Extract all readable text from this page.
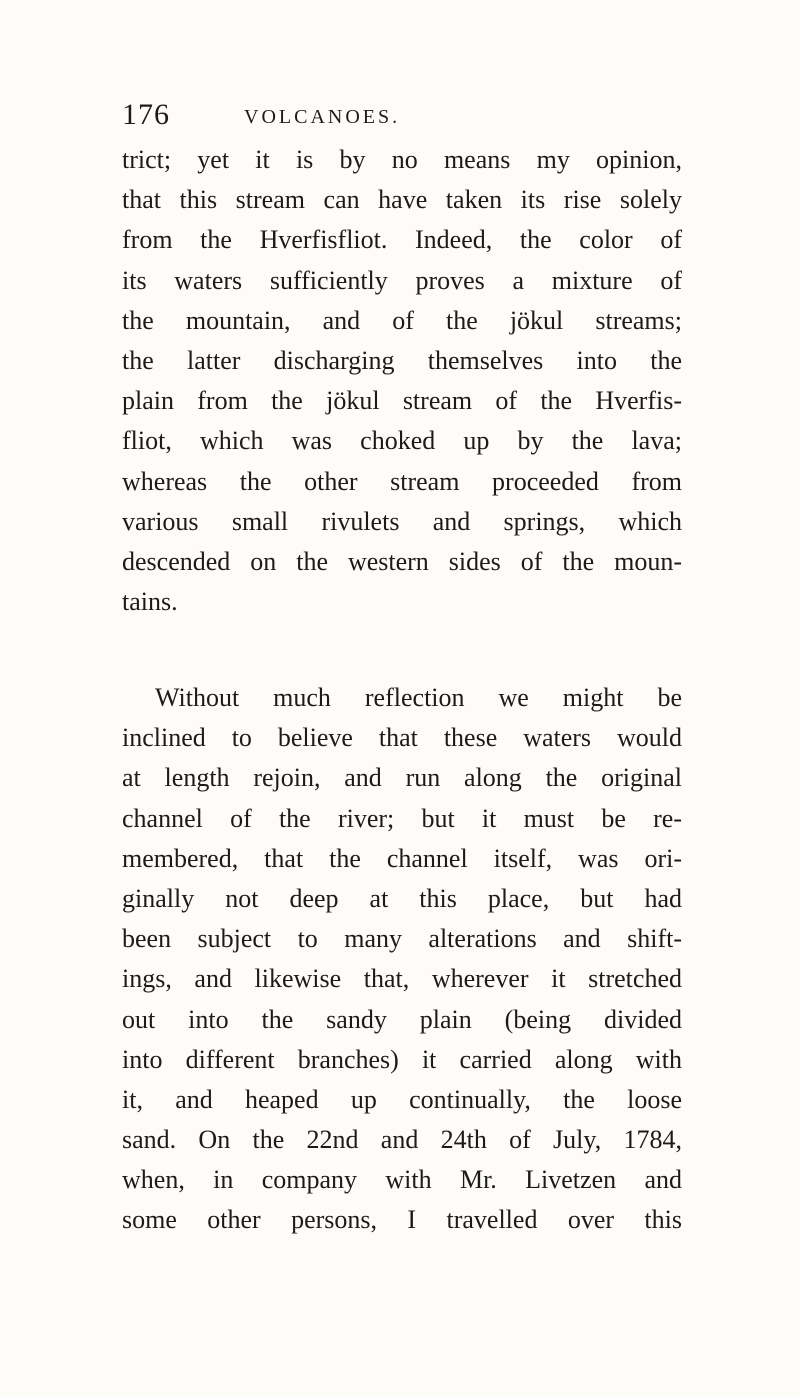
176	VOLCANOES.
trict; yet it is by no means my opinion,
that this stream can have taken its rise solely
from the Hverfisfliot. Indeed, the color of
its waters sufficiently proves a mixture of
the mountain, and of the jökul streams;
the latter discharging themselves into the
plain from the jökul stream of the Hverfis-
fliot, which was choked up by the lava;
whereas the other stream proceeded from
various small rivulets and springs, which
descended on the western sides of the moun-
tains.
Without much reflection we might be
inclined to believe that these waters would
at length rejoin, and run along the original
channel of the river; but it must be re-
membered, that the channel itself, was ori-
ginally not deep at this place, but had
been subject to many alterations and shift-
ings, and likewise that, wherever it stretched
out into the sandy plain (being divided
into different branches) it carried along with
it, and heaped up continually, the loose
sand. On the 22nd and 24th of July, 1784,
when, in company with Mr. Livetzen and
some other persons, I travelled over this
